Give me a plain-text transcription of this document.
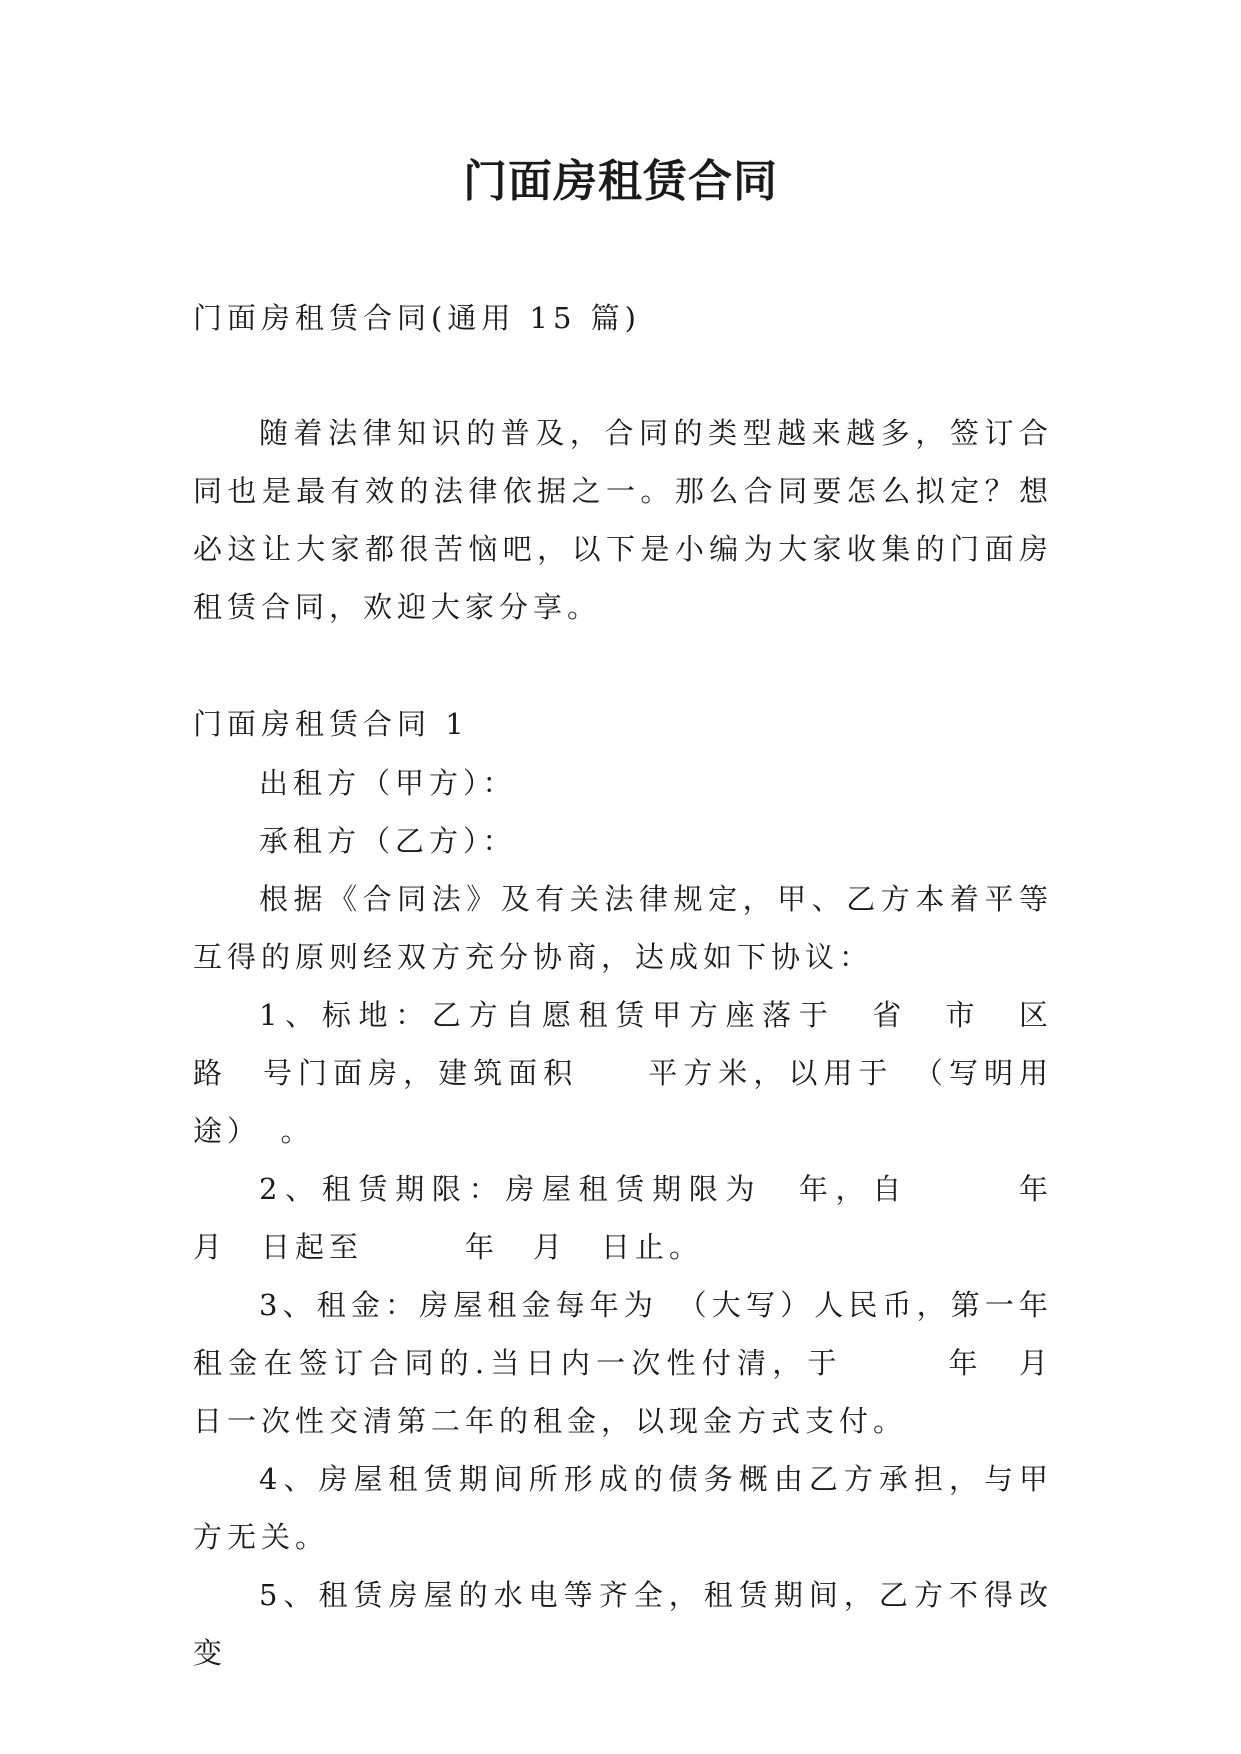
门面房租赁合同

门面房租赁合同(通用 15 篇)

随着法律知识的普及，合同的类型越来越多，签订合同也是最有效的法律依据之一。那么合同要怎么拟定？想必这让大家都很苦恼吧，以下是小编为大家收集的门面房租赁合同，欢迎大家分享。

门面房租赁合同 1

出租方（甲方）：

承租方（乙方）：

根据《合同法》及有关法律规定，甲、乙方本着平等互得的原则经双方充分协商，达成如下协议：

1、标地：乙方自愿租赁甲方座落于　省　市　区　路　号门面房，建筑面积　　平方米，以用于　（写明用途）　。

2、租赁期限：房屋租赁期限为　年，自　　　年　月　日起至　　　年　月　日止。

3、租金：房屋租金每年为　（大写）人民币，第一年租金在签订合同的.当日内一次性付清，于　　　年　月　日一次性交清第二年的租金，以现金方式支付。

4、房屋租赁期间所形成的债务概由乙方承担，与甲方无关。

5、租赁房屋的水电等齐全，租赁期间，乙方不得改变
